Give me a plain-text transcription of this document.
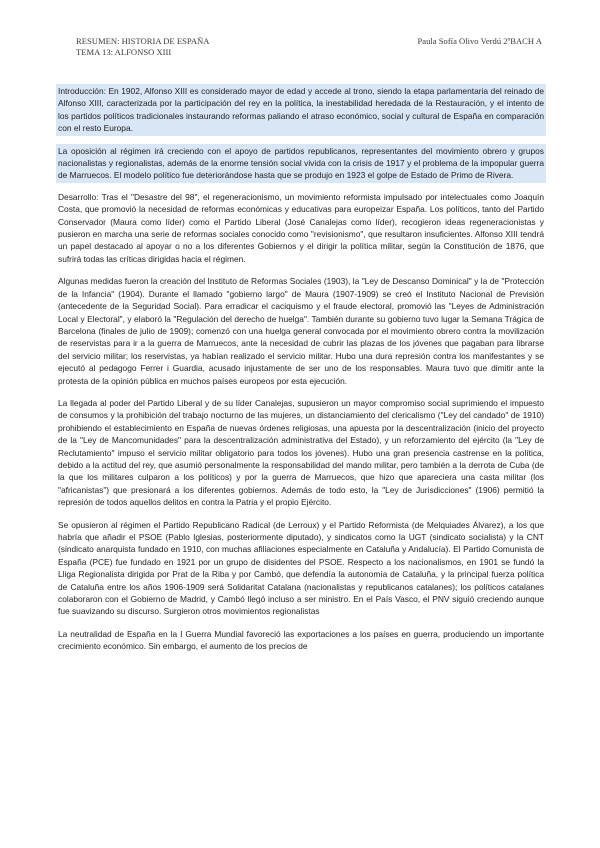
RESUMEN: HISTORIA DE ESPAÑA
TEMA 13: ALFONSO XIII
Paula Sofía Olivo Verdú 2ºBACH A

Introducción: En 1902, Alfonso XIII es considerado mayor de edad y accede al trono, siendo la etapa parlamentaria del reinado de Alfonso XIII, caracterizada por la participación del rey en la política, la inestabilidad heredada de la Restauración, y el intento de los partidos políticos tradicionales instaurando reformas paliando el atraso económico, social y cultural de España en comparación con el resto Europa.

La oposición al régimen irá creciendo con el apoyo de partidos republicanos, representantes del movimiento obrero y grupos nacionalistas y regionalistas, además de la enorme tensión social vivida con la crisis de 1917 y el problema de la impopular guerra de Marruecos. El modelo político fue deteriorándose hasta que se produjo en 1923 el golpe de Estado de Primo de Rivera.

Desarrollo: Tras el "Desastre del 98", el regeneracionismo, un movimiento reformista impulsado por intelectuales como Joaquín Costa, que promovió la necesidad de reformas económicas y educativas para europeizar España. Los políticos, tanto del Partido Conservador (Maura como líder) como el Partido Liberal (José Canalejas como líder), recogieron ideas regeneracionistas y pusieron en marcha una serie de reformas sociales conocido como "revisionismo", que resultaron insuficientes. Alfonso XIII tendrá un papel destacado al apoyar o no a los diferentes Gobiernos y el dirigir la política militar, según la Constitución de 1876, que sufrirá todas las críticas dirigidas hacia el régimen.

Algunas medidas fueron la creación del Instituto de Reformas Sociales (1903), la "Ley de Descanso Dominical" y la de "Protección de la Infancia" (1904). Durante el llamado "gobierno largo" de Maura (1907-1909) se creó el Instituto Nacional de Previsión (antecedente de la Seguridad Social). Para erradicar el caciquismo y el fraude electoral, promovió las "Leyes de Administración Local y Electoral", y elaboró la "Regulación del derecho de huelga". También durante su gobierno tuvo lugar la Semana Trágica de Barcelona (finales de julio de 1909); comenzó con una huelga general convocada por el movimiento obrero contra la movilización de reservistas para ir a la guerra de Marruecos, ante la necesidad de cubrir las plazas de los jóvenes que pagaban para librarse del servicio militar; los reservistas, ya habían realizado el servicio militar. Hubo una dura represión contra los manifestantes y se ejecutó al pedagogo Ferrer i Guardia, acusado injustamente de ser uno de los responsables. Maura tuvo que dimitir ante la protesta de la opinión pública en muchos países europeos por esta ejecución.

La llegada al poder del Partido Liberal y de su líder Canalejas, supusieron un mayor compromiso social suprimiendo el impuesto de consumos y la prohibición del trabajo nocturno de las mujeres, un distanciamiento del clericalismo ("Ley del candado" de 1910) prohibiendo el establecimiento en España de nuevas órdenes religiosas, una apuesta por la descentralización (inicio del proyecto de la "Ley de Mancomunidades" para la descentralización administrativa del Estado), y un reforzamiento del ejército (la "Ley de Reclutamiento" impuso el servicio militar obligatorio para todos los jóvenes). Hubo una gran presencia castrense en la política, debido a la actitud del rey, que asumió personalmente la responsabilidad del mando militar, pero también a la derrota de Cuba (de la que los militares culparon a los políticos) y por la guerra de Marruecos, que hizo que apareciera una casta militar (los "africanistas") que presionará a los diferentes gobiernos. Además de todo esto, la "Ley de Jurisdicciones" (1906) permitió la represión de todos aquellos delitos en contra la Patria y el propio Ejército.

Se opusieron al régimen el Partido Republicano Radical (de Lerroux) y el Partido Reformista (de Melquiades Álvarez), a los que habría que añadir el PSOE (Pablo Iglesias, posteriormente diputado), y sindicatos como la UGT (sindicato socialista) y la CNT (sindicato anarquista fundado en 1910, con muchas afiliaciones especialmente en Cataluña y Andalucía). El Partido Comunista de España (PCE) fue fundado en 1921 por un grupo de disidentes del PSOE. Respecto a los nacionalismos, en 1901 se fundó la Lliga Regionalista dirigida por Prat de la Riba y por Cambó, que defendía la autonomía de Cataluña, y la principal fuerza política de Cataluña entre los años 1906-1909 será Solidaritat Catalana (nacionalistas y republicanos catalanes); los políticos catalanes colaboraron con el Gobierno de Madrid, y Cambó llegó incluso a ser ministro. En el País Vasco, el PNV siguió creciendo aunque fue suavizando su discurso. Surgieron otros movimientos regionalistas

La neutralidad de España en la I Guerra Mundial favoreció las exportaciones a los países en guerra, produciendo un importante crecimiento económico. Sin embargo, el aumento de los precios de
